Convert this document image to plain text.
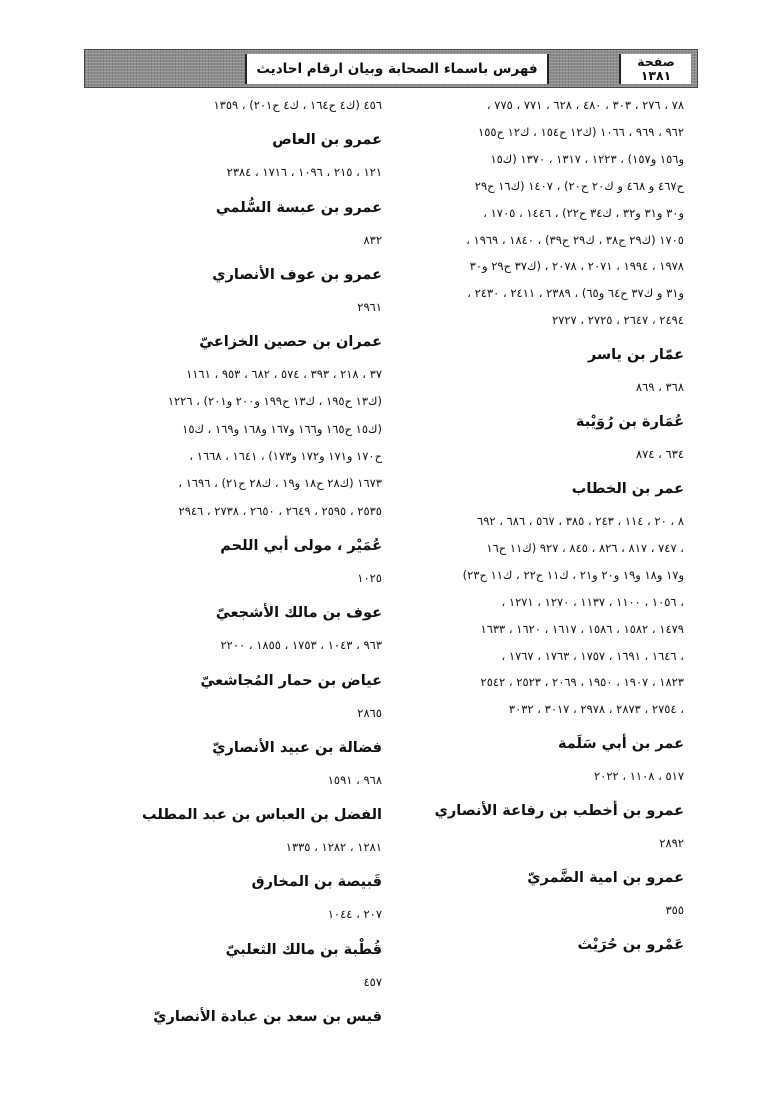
فهرس باسماء الصحابة وبيان ارقام احاديث	صفحة
١٣٨١

٧٨ ، ٢٧٦ ، ٣٠٣ ، ٤٨٠ ، ٦٢٨ ، ٧٧١ ، ٧٧٥ ،

٩٦٢ ، ٩٦٩ ، ١٠٦٦ (ك١٢ ح١٥٤ ، ك١٢ ح١٥٥

و١٥٦ و١٥٧) ، ١٢٢٣ ، ١٣١٧ ، ١٣٧٠ (ك١٥

ح٤٦٧ و ٤٦٨ و ك٢٠ ح٢٠) ، ١٤٠٧ (ك١٦ ح٢٩

و٣٠ و٣١ و٣٢ ، ك٣٤ ح٢٢) ، ١٤٤٦ ، ١٧٠٥ ،

١٧٠٥ (ك٢٩ ح٣٨ ، ك٢٩ ح٣٩) ، ١٨٤٠ ، ١٩٦٩ ،

١٩٧٨ ، ١٩٩٤ ، ٢٠٧١ ، ٢٠٧٨ ، (ك٣٧ ح٢٩ و٣٠

و٣١ و ك٣٧ ح٦٤ و٦٥) ، ٢٣٨٩ ، ٢٤١١ ، ٢٤٣٠ ،

٢٤٩٤ ، ٢٦٤٧ ، ٢٧٢٥ ، ٢٧٢٧

عمّار بن ياسر

٣٦٨ ، ٨٦٩

عُمَارة بن رُوَيْبة

٦٣٤ ، ٨٧٤

عمر بن الخطاب

٨ ، ٢٠ ، ١١٤ ، ٢٤٣ ، ٣٨٥ ، ٥٦٧ ، ٦٨٦ ، ٦٩٢

، ٧٤٧ ، ٨١٧ ، ٨٢٦ ، ٨٤٥ ، ٩٢٧ (ك١١ ح١٦

و١٧ و١٨ و١٩ و٢٠ و٢١ ، ك١١ ح٢٢ ، ك١١ ح٢٣)

، ١٠٥٦ ، ١١٠٠ ، ١١٣٧ ، ١٢٧٠ ، ١٢٧١ ،

١٤٧٩ ، ١٥٨٢ ، ١٥٨٦ ، ١٦١٧ ، ١٦٢٠ ، ١٦٣٣

، ١٦٤٦ ، ١٦٩١ ، ١٧٥٧ ، ١٧٦٣ ، ١٧٦٧ ،

١٨٢٣ ، ١٩٠٧ ، ١٩٥٠ ، ٢٠٦٩ ، ٢٥٢٣ ، ٢٥٤٢

، ٢٧٥٤ ، ٢٨٧٣ ، ٢٩٧٨ ، ٣٠١٧ ، ٣٠٣٢

عمر بن أبي سَلَمة

٥١٧ ، ١١٠٨ ، ٢٠٢٢

عمرو بن أخطب بن رفاعة الأنصاري

٢٨٩٢

عمرو بن امية الضَّمريّ

٣٥٥

عَمْرو بن حُرَيْث

٤٥٦ (ك٤ ح١٦٤ ، ك٤ ح٢٠١) ، ١٣٥٩

عمرو بن العاص

١٢١ ، ٢١٥ ، ١٠٩٦ ، ١٧١٦ ، ٢٣٨٤

عمرو بن عبسة السُّلمي

٨٣٢

عمرو بن عوف الأنصاري

٢٩٦١

عمران بن حصين الخزاعيّ

٣٧ ، ٢١٨ ، ٣٩٣ ، ٥٧٤ ، ٦٨٢ ، ٩٥٣ ، ١١٦١

(ك١٣ ح١٩٥ ، ك١٣ ح١٩٩ و٢٠٠ و٢٠١) ، ١٢٢٦

(ك١٥ ح١٦٥ و١٦٦ و١٦٧ و١٦٨ و١٦٩ ، ك١٥

ح١٧٠ و١٧١ و١٧٢ و١٧٣) ، ١٦٤١ ، ١٦٦٨ ،

١٦٧٣ (ك٢٨ ح١٨ و١٩ ، ك٢٨ ح٢١) ، ١٦٩٦ ،

٢٥٣٥ ، ٢٥٩٥ ، ٢٦٤٩ ، ٢٦٥٠ ، ٢٧٣٨ ، ٢٩٤٦

عُمَيْر ، مولى أبي اللحم

١٠٢٥

عوف بن مالك الأشجعيّ

٩٦٣ ، ١٠٤٣ ، ١٧٥٣ ، ١٨٥٥ ، ٢٢٠٠

عياض بن حمار المُجاشعيّ

٢٨٦٥

فضالة بن عبيد الأنصاريّ

٩٦٨ ، ١٥٩١

الفضل بن العباس بن عبد المطلب

١٢٨١ ، ١٢٨٢ ، ١٣٣٥

قَبيصة بن المخارق

٢٠٧ ، ١٠٤٤

قُطْبة بن مالك الثعلبيّ

٤٥٧

قيس بن سعد بن عبادة الأنصاريّ
